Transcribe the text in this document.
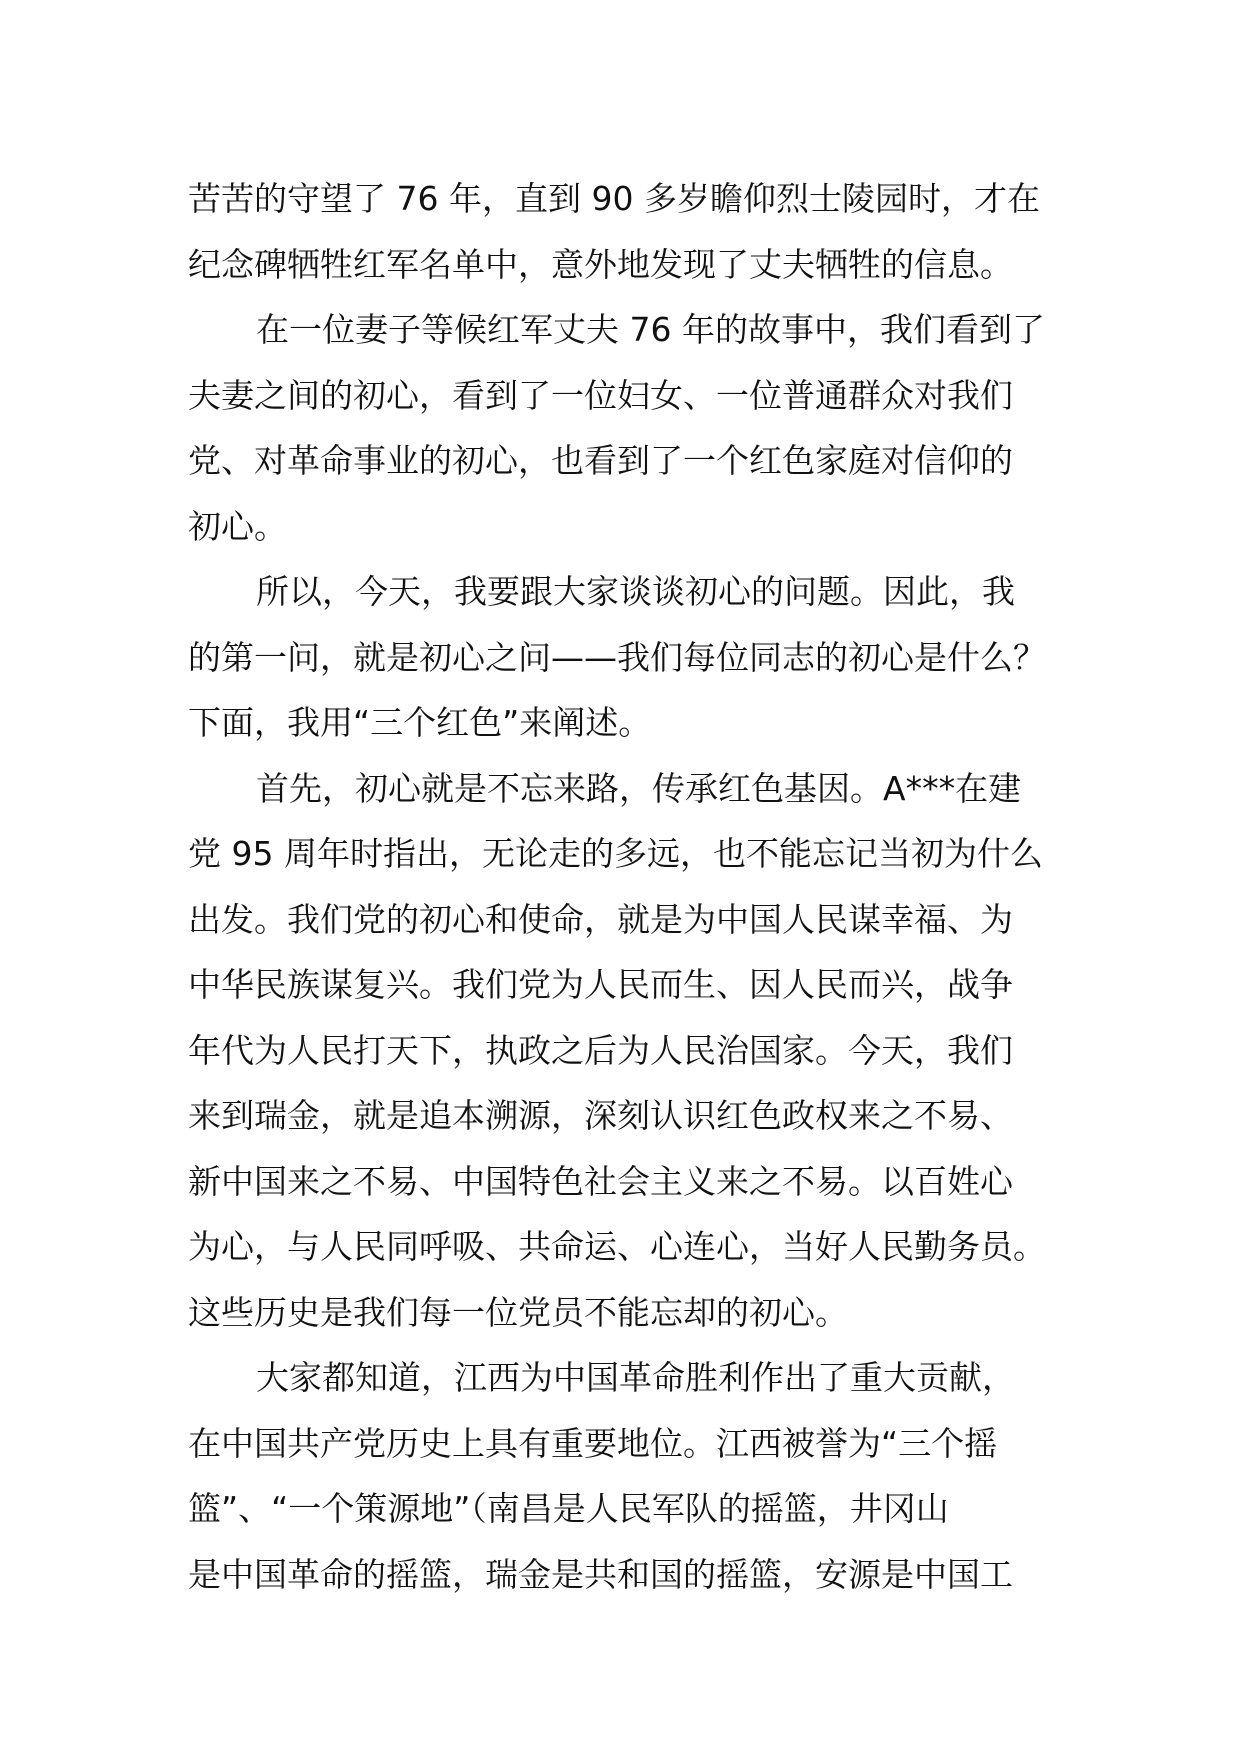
苦苦的守望了 76 年，直到 90 多岁瞻仰烈士陵园时，才在
纪念碑牺牲红军名单中，意外地发现了丈夫牺牲的信息。
在一位妻子等候红军丈夫 76 年的故事中，我们看到了
夫妻之间的初心，看到了一位妇女、一位普通群众对我们
党、对革命事业的初心，也看到了一个红色家庭对信仰的
初心。
所以，今天，我要跟大家谈谈初心的问题。因此，我
的第一问，就是初心之问——我们每位同志的初心是什么？
下面，我用“三个红色”来阐述。
首先，初心就是不忘来路，传承红色基因。A***在建
党 95 周年时指出，无论走的多远，也不能忘记当初为什么
出发。我们党的初心和使命，就是为中国人民谋幸福、为
中华民族谋复兴。我们党为人民而生、因人民而兴，战争
年代为人民打天下，执政之后为人民治国家。今天，我们
来到瑞金，就是追本溯源，深刻认识红色政权来之不易、
新中国来之不易、中国特色社会主义来之不易。以百姓心
为心，与人民同呼吸、共命运、心连心，当好人民勤务员。
这些历史是我们每一位党员不能忘却的初心。
大家都知道，江西为中国革命胜利作出了重大贡献，
在中国共产党历史上具有重要地位。江西被誉为“三个摇
篮”、“一个策源地”（南昌是人民军队的摇篮，井冈山
是中国革命的摇篮，瑞金是共和国的摇篮，安源是中国工
